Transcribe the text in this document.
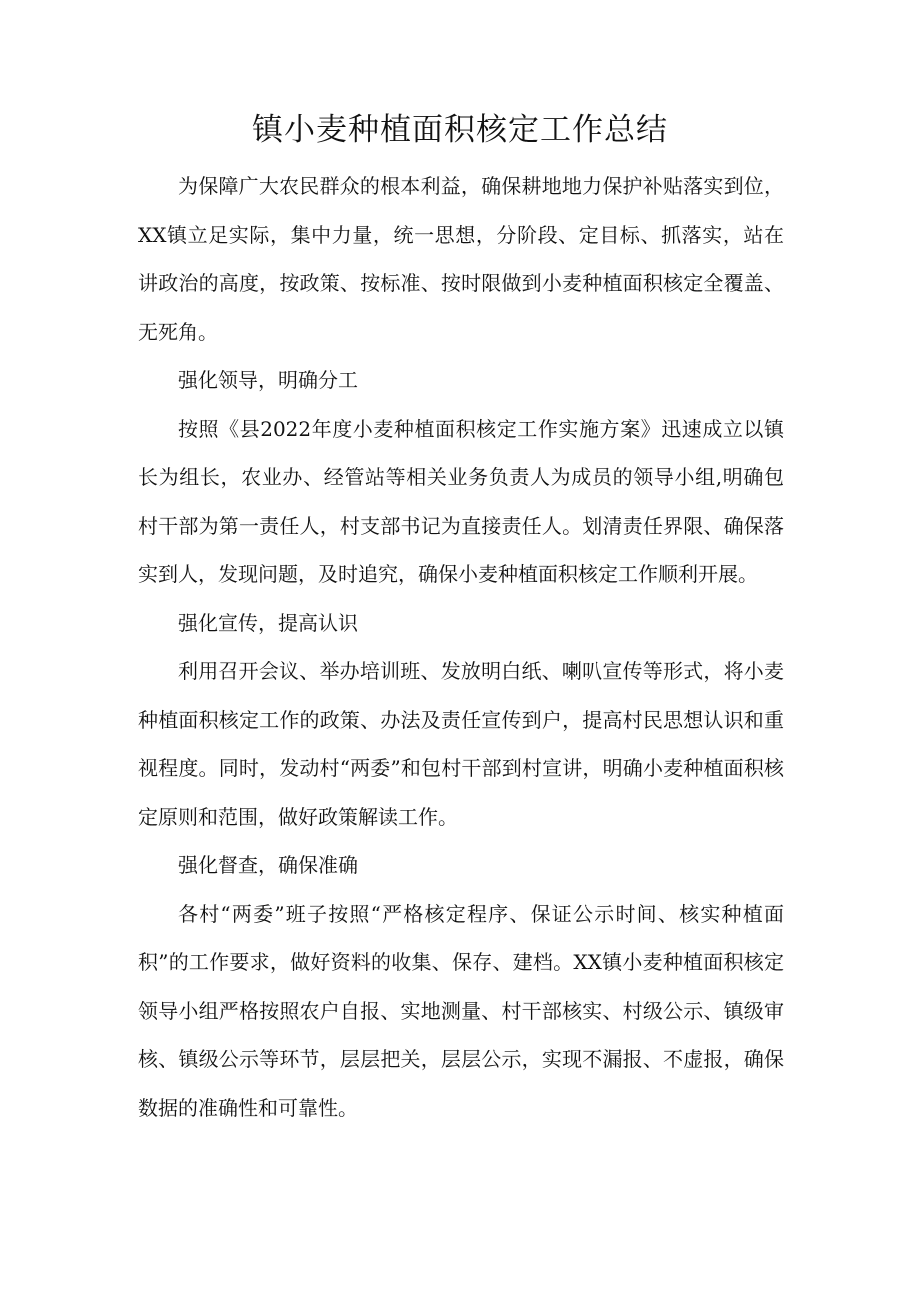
镇小麦种植面积核定工作总结

为保障广大农民群众的根本利益，确保耕地地力保护补贴落实到位，XX镇立足实际，集中力量，统一思想，分阶段、定目标、抓落实，站在讲政治的高度，按政策、按标准、按时限做到小麦种植面积核定全覆盖、无死角。

强化领导，明确分工

按照《县2022年度小麦种植面积核定工作实施方案》迅速成立以镇长为组长，农业办、经管站等相关业务负责人为成员的领导小组,明确包村干部为第一责任人，村支部书记为直接责任人。划清责任界限、确保落实到人，发现问题，及时追究，确保小麦种植面积核定工作顺利开展。

强化宣传，提高认识

利用召开会议、举办培训班、发放明白纸、喇叭宣传等形式，将小麦种植面积核定工作的政策、办法及责任宣传到户，提高村民思想认识和重视程度。同时，发动村“两委”和包村干部到村宣讲，明确小麦种植面积核定原则和范围，做好政策解读工作。

强化督查，确保准确

各村“两委”班子按照“严格核定程序、保证公示时间、核实种植面积”的工作要求，做好资料的收集、保存、建档。XX镇小麦种植面积核定领导小组严格按照农户自报、实地测量、村干部核实、村级公示、镇级审核、镇级公示等环节，层层把关，层层公示，实现不漏报、不虚报，确保数据的准确性和可靠性。
